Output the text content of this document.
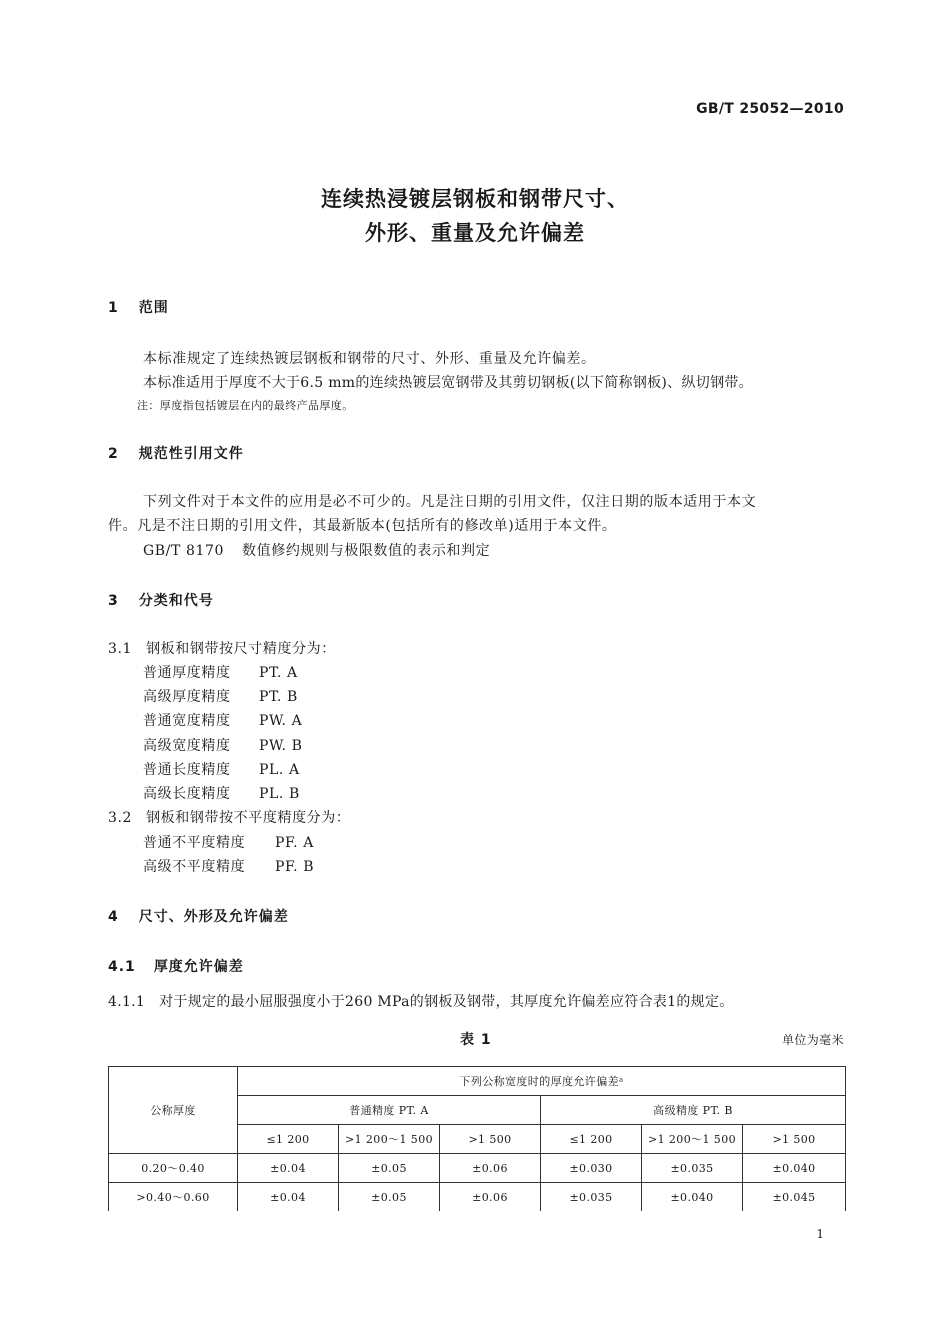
GB/T 25052—2010
连续热浸镀层钢板和钢带尺寸、
外形、重量及允许偏差
1 范围
本标准规定了连续热镀层钢板和钢带的尺寸、外形、重量及允许偏差。
本标准适用于厚度不大于6.5 mm的连续热镀层宽钢带及其剪切钢板(以下简称钢板)、纵切钢带。
注：厚度指包括镀层在内的最终产品厚度。
2 规范性引用文件
下列文件对于本文件的应用是必不可少的。凡是注日期的引用文件，仅注日期的版本适用于本文
件。凡是不注日期的引用文件，其最新版本(包括所有的修改单)适用于本文件。
GB/T 8170 数值修约规则与极限数值的表示和判定
3 分类和代号
3.1 钢板和钢带按尺寸精度分为：
普通厚度精度 PT. A
高级厚度精度 PT. B
普通宽度精度 PW. A
高级宽度精度 PW. B
普通长度精度 PL. A
高级长度精度 PL. B
3.2 钢板和钢带按不平度精度分为：
普通不平度精度 PF. A
高级不平度精度 PF. B
4 尺寸、外形及允许偏差
4.1 厚度允许偏差
4.1.1 对于规定的最小屈服强度小于260 MPa的钢板及钢带，其厚度允许偏差应符合表1的规定。
表 1	单位为毫米
公称厚度	下列公称宽度时的厚度允许偏差ᵃ					
	普通精度 PT. A			高级精度 PT. B		
	≤1 200	>1 200～1 500	>1 500	≤1 200	>1 200～1 500	>1 500
0.20～0.40	±0.04	±0.05	±0.06	±0.030	±0.035	±0.040
>0.40～0.60	±0.04	±0.05	±0.06	±0.035	±0.040	±0.045
1
